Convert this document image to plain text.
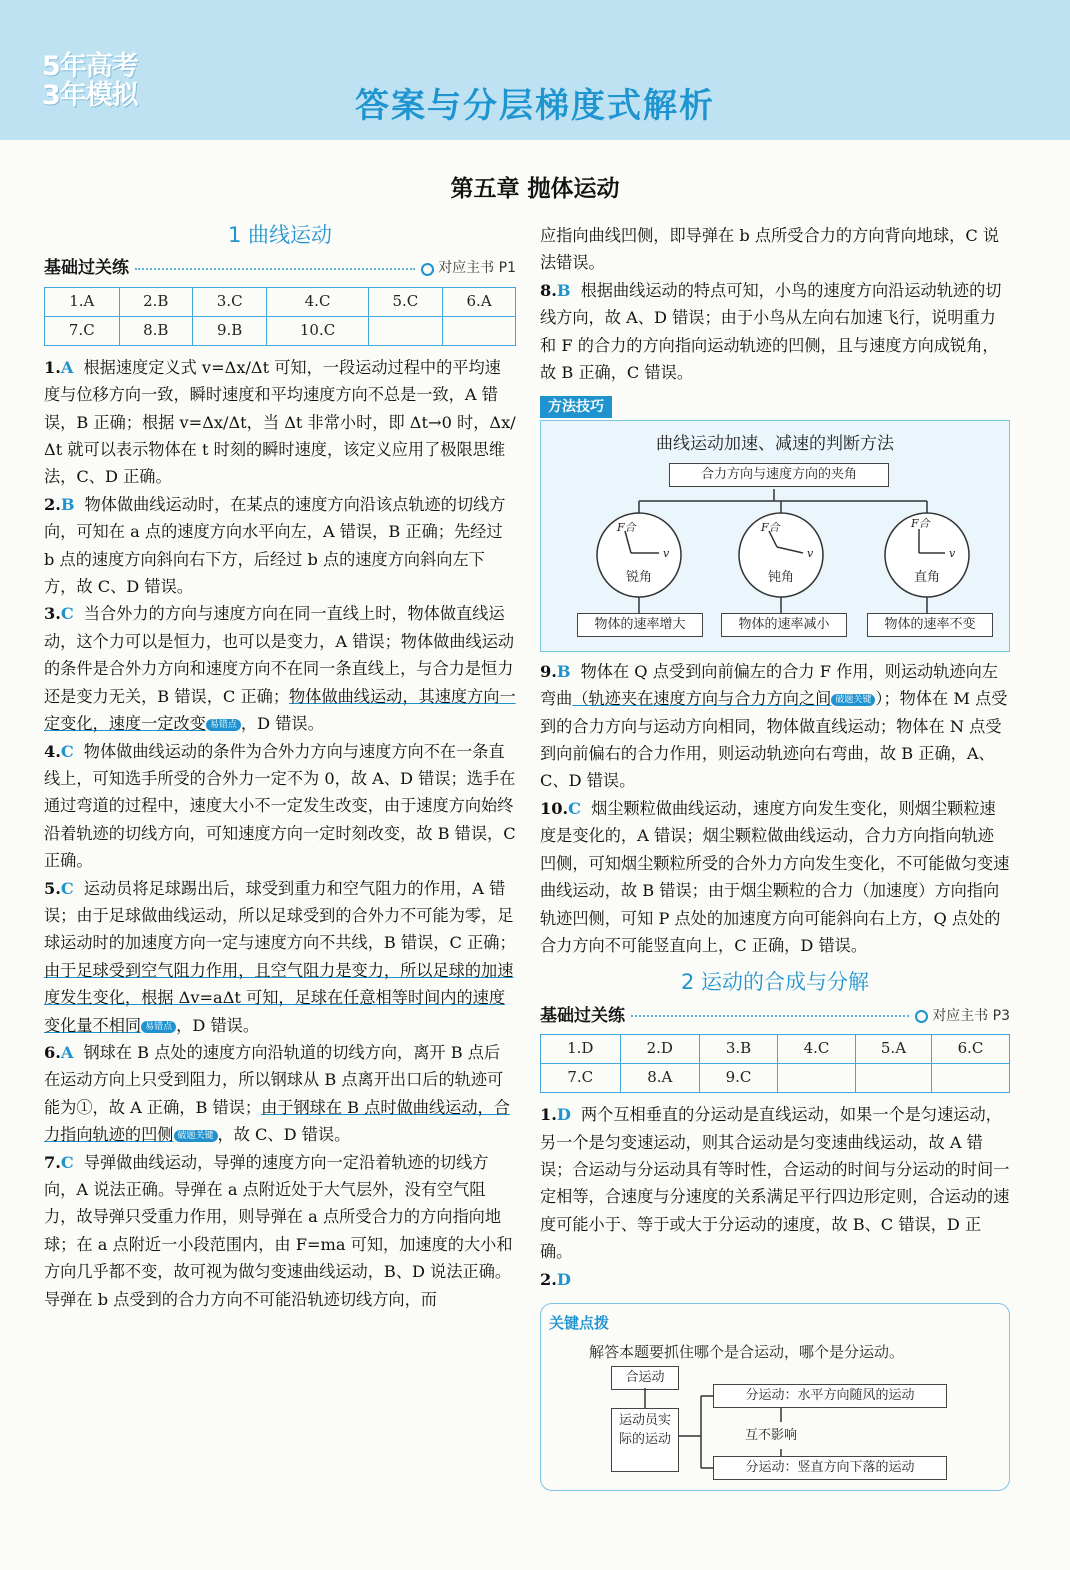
5年高考
3年模拟	答案与分层梯度式解析
第五章 抛体运动
1 曲线运动
基础过关练	对应主书 P1
1.A	2.B	3.C	4.C	5.C	6.A
7.C	8.B	9.B	10.C		

1.A 根据速度定义式 v=Δx/Δt 可知，一段运动过程中的平均速度与位移方向一致，瞬时速度和平均速度方向不总是一致，A 错误，B 正确；根据 v=Δx/Δt，当 Δt 非常小时，即 Δt→0 时，Δx/Δt 就可以表示物体在 t 时刻的瞬时速度，该定义应用了极限思维法，C、D 正确。

2.B 物体做曲线运动时，在某点的速度方向沿该点轨迹的切线方向，可知在 a 点的速度方向水平向左，A 错误，B 正确；先经过 b 点的速度方向斜向右下方，后经过 b 点的速度方向斜向左下方，故 C、D 错误。

3.C 当合外力的方向与速度方向在同一直线上时，物体做直线运动，这个力可以是恒力，也可以是变力，A 错误；物体做曲线运动的条件是合外力方向和速度方向不在同一条直线上，与合力是恒力还是变力无关，B 错误，C 正确；物体做曲线运动，其速度方向一定变化，速度一定改变 易错点 ，D 错误。

4.C 物体做曲线运动的条件为合外力方向与速度方向不在一条直线上，可知选手所受的合外力一定不为 0，故 A、D 错误；选手在通过弯道的过程中，速度大小不一定发生改变，由于速度方向始终沿着轨迹的切线方向，可知速度方向一定时刻改变，故 B 错误，C 正确。

5.C 运动员将足球踢出后，球受到重力和空气阻力的作用，A 错误；由于足球做曲线运动，所以足球受到的合外力不可能为零，足球运动时的加速度方向一定与速度方向不共线，B 错误，C 正确；由于足球受到空气阻力作用，且空气阻力是变力，所以足球的加速度发生变化，根据 Δv=aΔt 可知，足球在任意相等时间内的速度变化量不相同 易错点 ，D 错误。

6.A 钢球在 B 点处的速度方向沿轨道的切线方向，离开 B 点后在运动方向上只受到阻力，所以钢球从 B 点离开出口后的轨迹可能为①，故 A 正确，B 错误；由于钢球在 B 点时做曲线运动，合力指向轨迹的凹侧 破题关键 ，故 C、D 错误。

7.C 导弹做曲线运动，导弹的速度方向一定沿着轨迹的切线方向，A 说法正确。导弹在 a 点附近处于大气层外，没有空气阻力，故导弹只受重力作用，则导弹在 a 点所受合力的方向指向地球；在 a 点附近一小段范围内，由 F=ma 可知，加速度的大小和方向几乎都不变，故可视为做匀变速曲线运动，B、D 说法正确。导弹在 b 点受到的合力方向不可能沿轨迹切线方向，而

应指向曲线凹侧，即导弹在 b 点所受合力的方向背向地球，C 说法错误。

8.B 根据曲线运动的特点可知，小鸟的速度方向沿运动轨迹的切线方向，故 A、D 错误；由于小鸟从左向右加速飞行，说明重力和 F 的合力的方向指向运动轨迹的凹侧，且与速度方向成锐角，故 B 正确，C 错误。

方法技巧
曲线运动加速、减速的判断方法
合力方向与速度方向的夹角
F合
v
F合
v
F合
v
锐角	钝角	直角
物体的速率增大	物体的速率减小	物体的速率不变

9.B 物体在 Q 点受到向前偏左的合力 F 作用，则运动轨迹向左弯曲（轨迹夹在速度方向与合力方向之间 破题关键 ）；物体在 M 点受到的合力方向与运动方向相同，物体做直线运动；物体在 N 点受到向前偏右的合力作用，则运动轨迹向右弯曲，故 B 正确，A、C、D 错误。

10.C 烟尘颗粒做曲线运动，速度方向发生变化，则烟尘颗粒速度是变化的，A 错误；烟尘颗粒做曲线运动，合力方向指向轨迹凹侧，可知烟尘颗粒所受的合外力方向发生变化，不可能做匀变速曲线运动，故 B 错误；由于烟尘颗粒的合力（加速度）方向指向轨迹凹侧，可知 P 点处的加速度方向可能斜向右上方，Q 点处的合力方向不可能竖直向上，C 正确，D 错误。

2 运动的合成与分解
基础过关练	对应主书 P3
1.D	2.D	3.B	4.C	5.A	6.C
7.C	8.A	9.C			

1.D 两个互相垂直的分运动是直线运动，如果一个是匀速运动，另一个是匀变速运动，则其合运动是匀变速曲线运动，故 A 错误；合运动与分运动具有等时性，合运动的时间与分运动的时间一定相等，合速度与分速度的关系满足平行四边形定则，合运动的速度可能小于、等于或大于分运动的速度，故 B、C 错误，D 正确。

2.D

关键点拨
解答本题要抓住哪个是合运动，哪个是分运动。
合运动
运动员实际的运动
分运动：水平方向随风的运动
互不影响
分运动：竖直方向下落的运动
